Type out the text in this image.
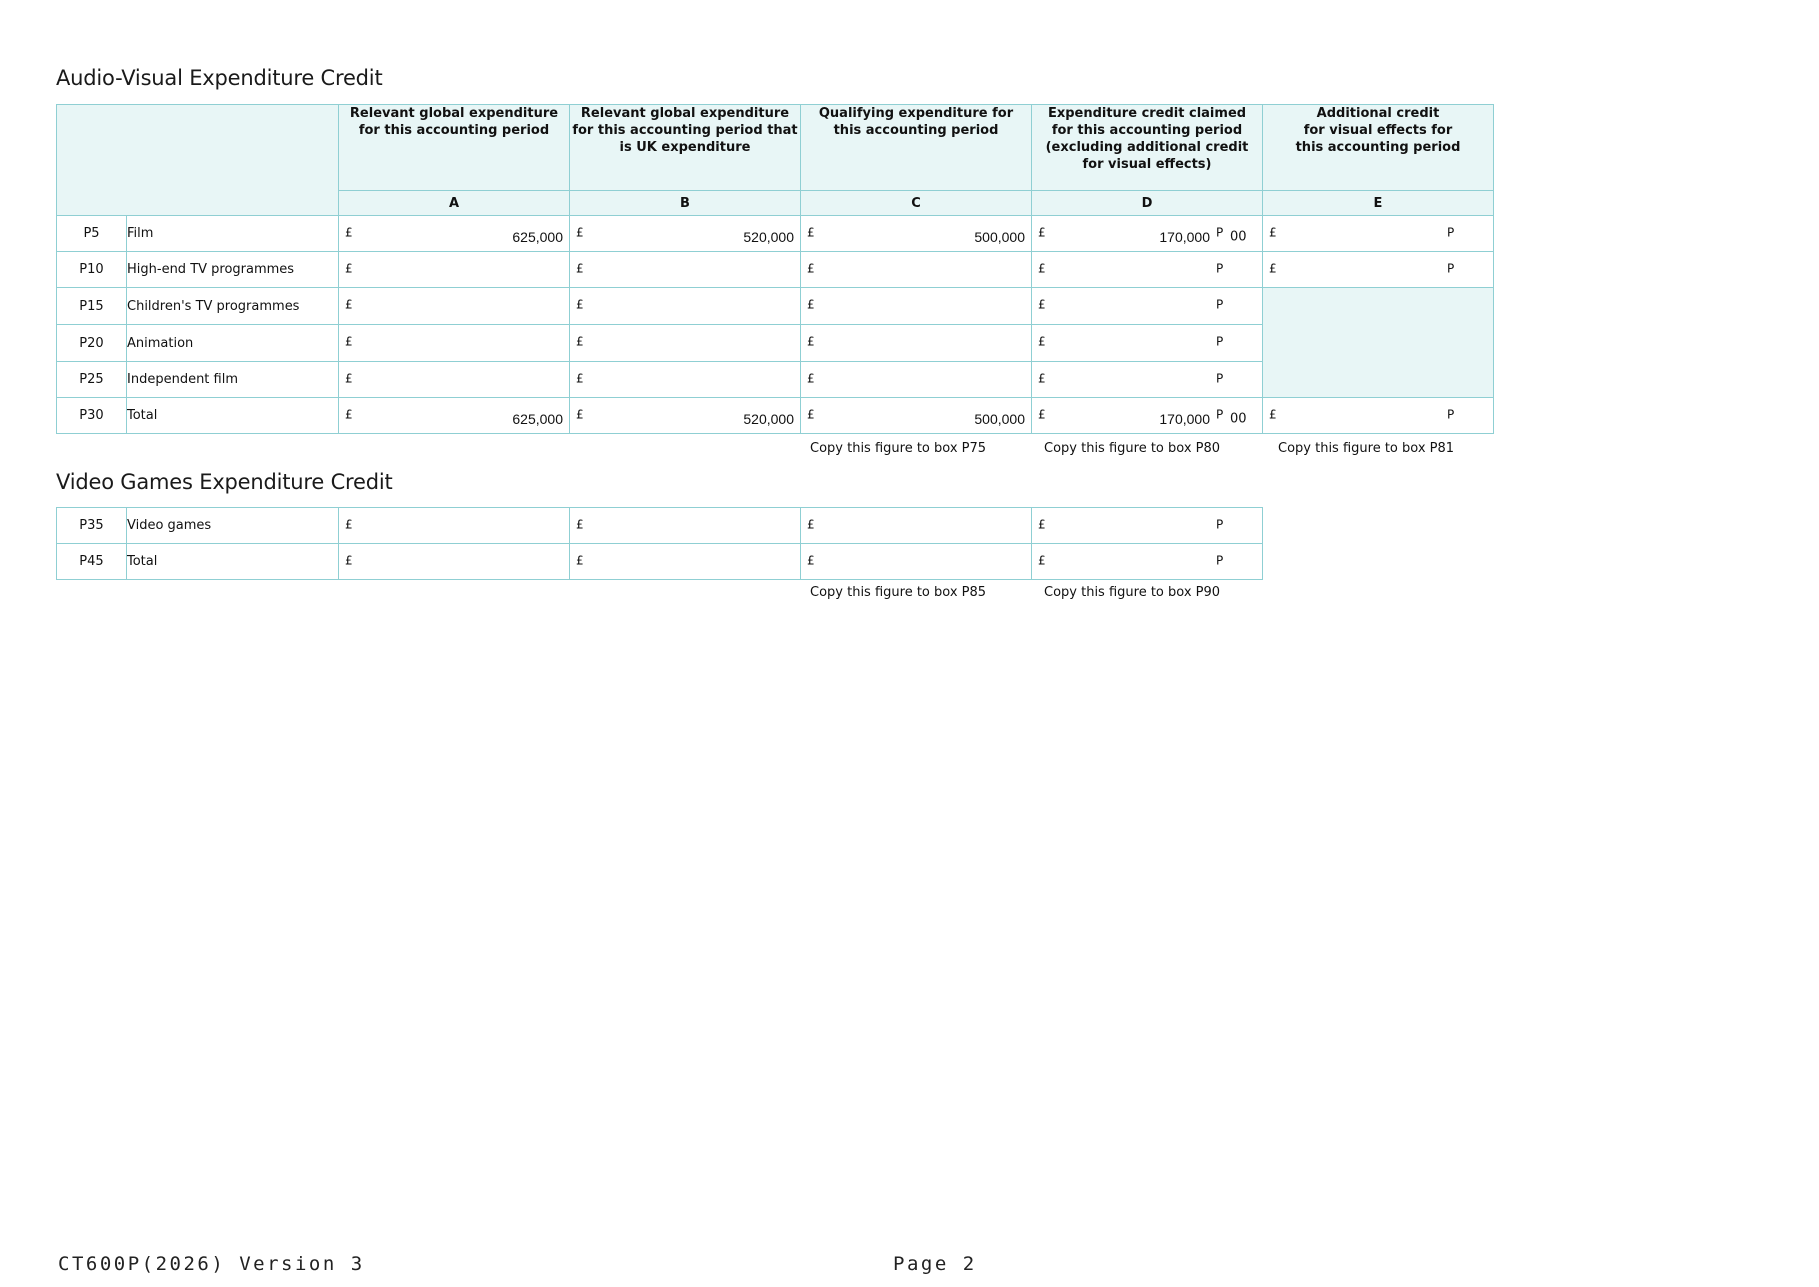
Audio-Visual Expenditure Credit
		Relevant global expenditure
for this accounting period	Relevant global expenditure
for this accounting period that
is UK expenditure	Qualifying expenditure for
this accounting period	Expenditure credit claimed
for this accounting period
(excluding additional credit
for visual effects)	Additional credit
for visual effects for
this accounting period
		A	B	C	D	E
P5	Film	£ 625,000	£ 520,000	£ 500,000	£ 170,000 P 00	£ P

P10	High-end TV programmes	£	£	£	£ P	£ P

P15	Children's TV programmes	£	£	£	£ P	

P20	Animation	£	£	£	£ P	

P25	Independent film	£	£	£	£ P	

P30	Total	£ 625,000	£ 520,000	£ 500,000	£ 170,000 P 00	£ P
Copy this figure to box P75	Copy this figure to box P80	Copy this figure to box P81
Video Games Expenditure Credit
P35	Video games	£	£	£	£ P

P45	Total	£	£	£	£ P
Copy this figure to box P85	Copy this figure to box P90
CT600P(2026) Version 3	Page 2
